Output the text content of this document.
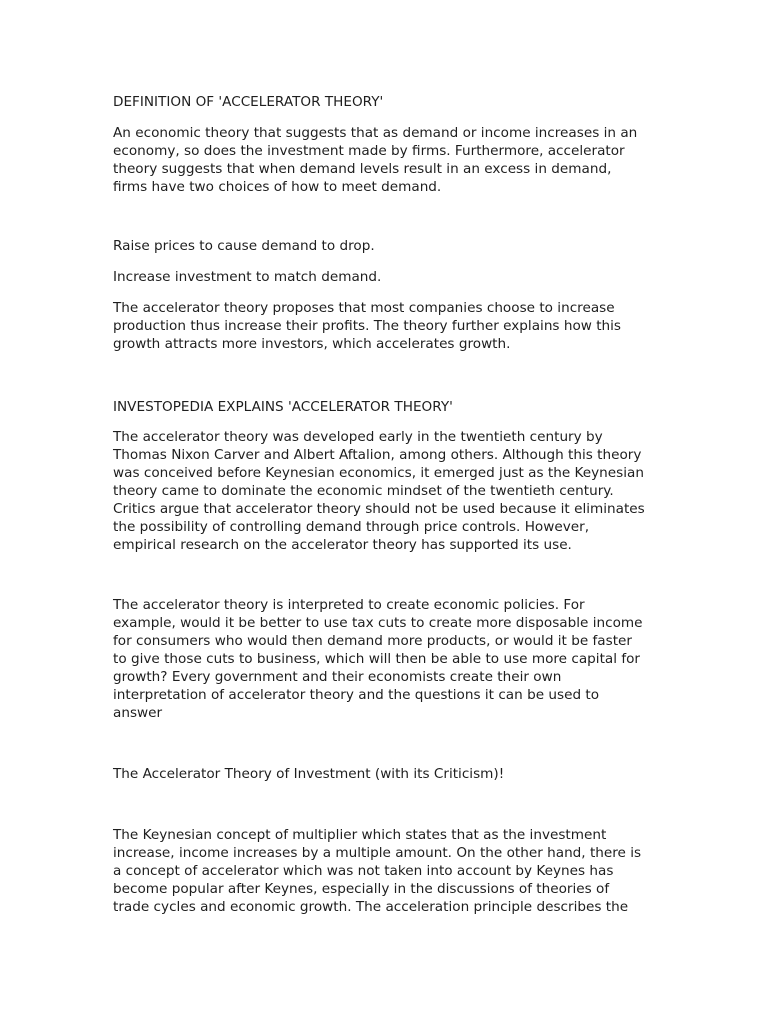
DEFINITION OF 'ACCELERATOR THEORY'

An economic theory that suggests that as demand or income increases in an
economy, so does the investment made by firms. Furthermore, accelerator
theory suggests that when demand levels result in an excess in demand,
firms have two choices of how to meet demand.

Raise prices to cause demand to drop.

Increase investment to match demand.

The accelerator theory proposes that most companies choose to increase
production thus increase their profits. The theory further explains how this
growth attracts more investors, which accelerates growth.

INVESTOPEDIA EXPLAINS 'ACCELERATOR THEORY'

The accelerator theory was developed early in the twentieth century by
Thomas Nixon Carver and Albert Aftalion, among others. Although this theory
was conceived before Keynesian economics, it emerged just as the Keynesian
theory came to dominate the economic mindset of the twentieth century.
Critics argue that accelerator theory should not be used because it eliminates
the possibility of controlling demand through price controls. However,
empirical research on the accelerator theory has supported its use.

The accelerator theory is interpreted to create economic policies. For
example, would it be better to use tax cuts to create more disposable income
for consumers who would then demand more products, or would it be faster
to give those cuts to business, which will then be able to use more capital for
growth? Every government and their economists create their own
interpretation of accelerator theory and the questions it can be used to
answer

The Accelerator Theory of Investment (with its Criticism)!

The Keynesian concept of multiplier which states that as the investment
increase, income increases by a multiple amount. On the other hand, there is
a concept of accelerator which was not taken into account by Keynes has
become popular after Keynes, especially in the discussions of theories of
trade cycles and economic growth. The acceleration principle describes the
